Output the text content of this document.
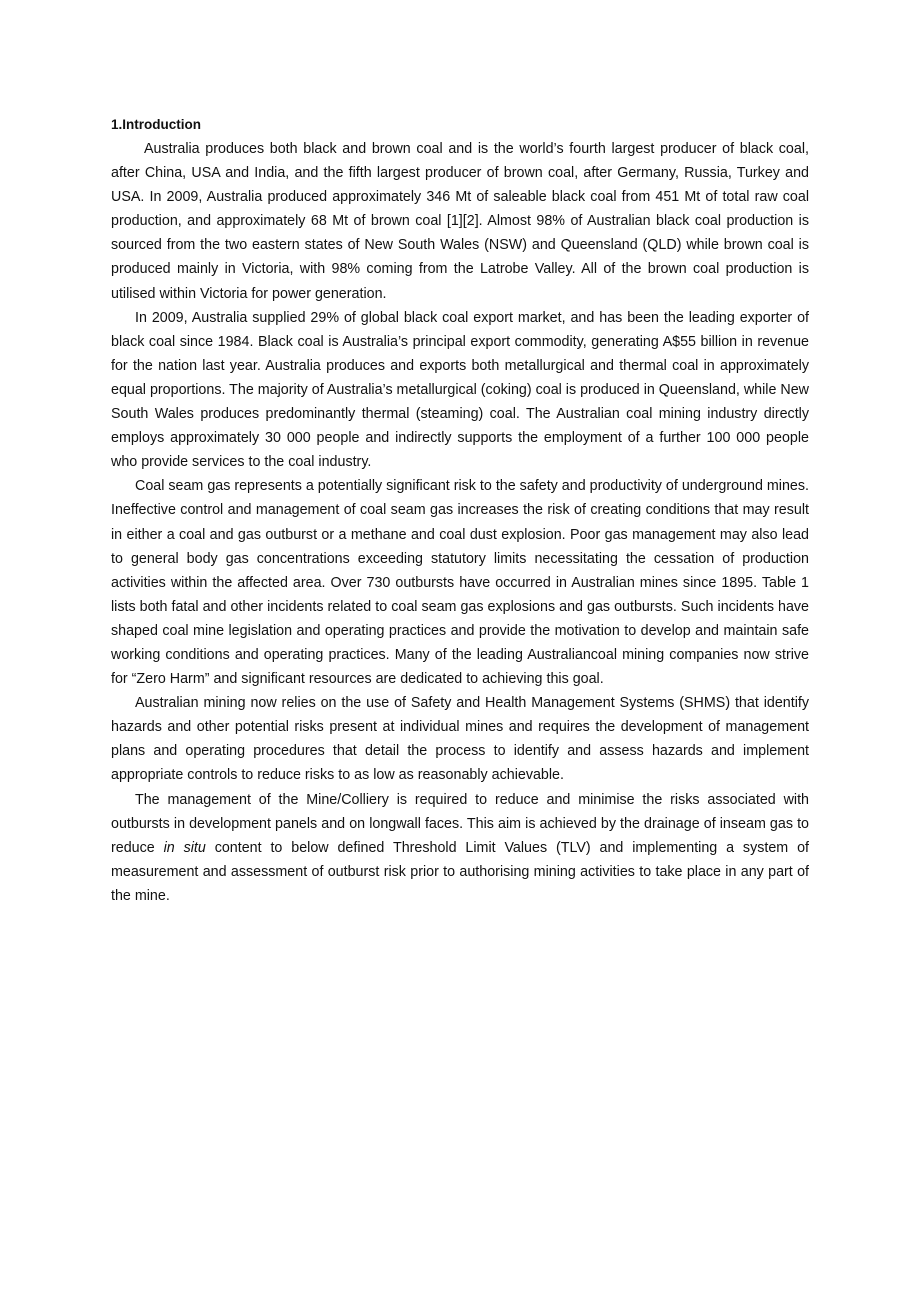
1.Introduction

Australia produces both black and brown coal and is the world’s fourth largest producer of black coal, after China, USA and India, and the fifth largest producer of brown coal, after Germany, Russia, Turkey and USA. In 2009, Australia produced approximately 346 Mt of saleable black coal from 451 Mt of total raw coal production, and approximately 68 Mt of brown coal [1][2]. Almost 98% of Australian black coal production is sourced from the two eastern states of New South Wales (NSW) and Queensland (QLD) while brown coal is produced mainly in Victoria, with 98% coming from the Latrobe Valley. All of the brown coal production is utilised within Victoria for power generation.

In 2009, Australia supplied 29% of global black coal export market, and has been the leading exporter of black coal since 1984. Black coal is Australia’s principal export commodity, generating A$55 billion in revenue for the nation last year. Australia produces and exports both metallurgical and thermal coal in approximately equal proportions. The majority of Australia’s metallurgical (coking) coal is produced in Queensland, while New South Wales produces predominantly thermal (steaming) coal. The Australian coal mining industry directly employs approximately 30 000 people and indirectly supports the employment of a further 100 000 people who provide services to the coal industry.

Coal seam gas represents a potentially significant risk to the safety and productivity of underground mines. Ineffective control and management of coal seam gas increases the risk of creating conditions that may result in either a coal and gas outburst or a methane and coal dust explosion. Poor gas management may also lead to general body gas concentrations exceeding statutory limits necessitating the cessation of production activities within the affected area. Over 730 outbursts have occurred in Australian mines since 1895. Table 1 lists both fatal and other incidents related to coal seam gas explosions and gas outbursts. Such incidents have shaped coal mine legislation and operating practices and provide the motivation to develop and maintain safe working conditions and operating practices. Many of the leading Australiancoal mining companies now strive for “Zero Harm” and significant resources are dedicated to achieving this goal.

Australian mining now relies on the use of Safety and Health Management Systems (SHMS) that identify hazards and other potential risks present at individual mines and requires the development of management plans and operating procedures that detail the process to identify and assess hazards and implement appropriate controls to reduce risks to as low as reasonably achievable.

The management of the Mine/Colliery is required to reduce and minimise the risks associated with outbursts in development panels and on longwall faces. This aim is achieved by the drainage of inseam gas to reduce in situ content to below defined Threshold Limit Values (TLV) and implementing a system of measurement and assessment of outburst risk prior to authorising mining activities to take place in any part of the mine.
